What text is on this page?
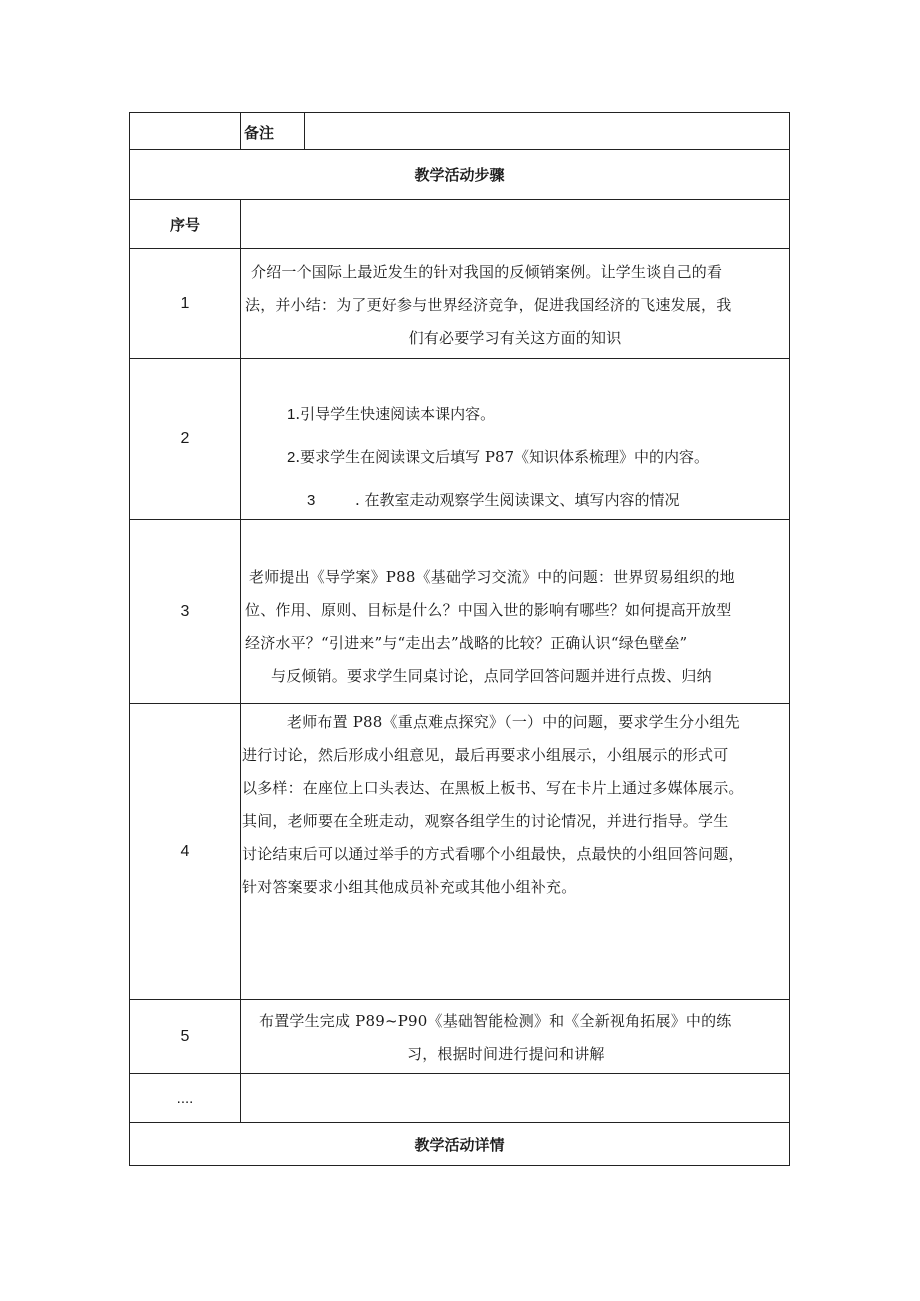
备注
教学活动步骤
序号
1
介绍一个国际上最近发生的针对我国的反倾销案例。让学生谈自己的看
法，并小结：为了更好参与世界经济竞争，促进我国经济的飞速发展，我
们有必要学习有关这方面的知识
2
1.引导学生快速阅读本课内容。
2.要求学生在阅读课文后填写 P87《知识体系梳理》中的内容。
3	. 在教室走动观察学生阅读课文、填写内容的情况
3
老师提出《导学案》P88《基础学习交流》中的问题：世界贸易组织的地
位、作用、原则、目标是什么？中国入世的影响有哪些？如何提高开放型
经济水平？“引进来”与“走出去”战略的比较？正确认识“绿色壁垒”
与反倾销。要求学生同桌讨论，点同学回答问题并进行点拨、归纳
4
老师布置 P88《重点难点探究》（一）中的问题，要求学生分小组先
进行讨论，然后形成小组意见，最后再要求小组展示，小组展示的形式可
以多样：在座位上口头表达、在黑板上板书、写在卡片上通过多媒体展示。
其间，老师要在全班走动，观察各组学生的讨论情况，并进行指导。学生
讨论结束后可以通过举手的方式看哪个小组最快，点最快的小组回答问题，
针对答案要求小组其他成员补充或其他小组补充。
5
布置学生完成 P89~P90《基础智能检测》和《全新视角拓展》中的练
习，根据时间进行提问和讲解
....
教学活动详情
